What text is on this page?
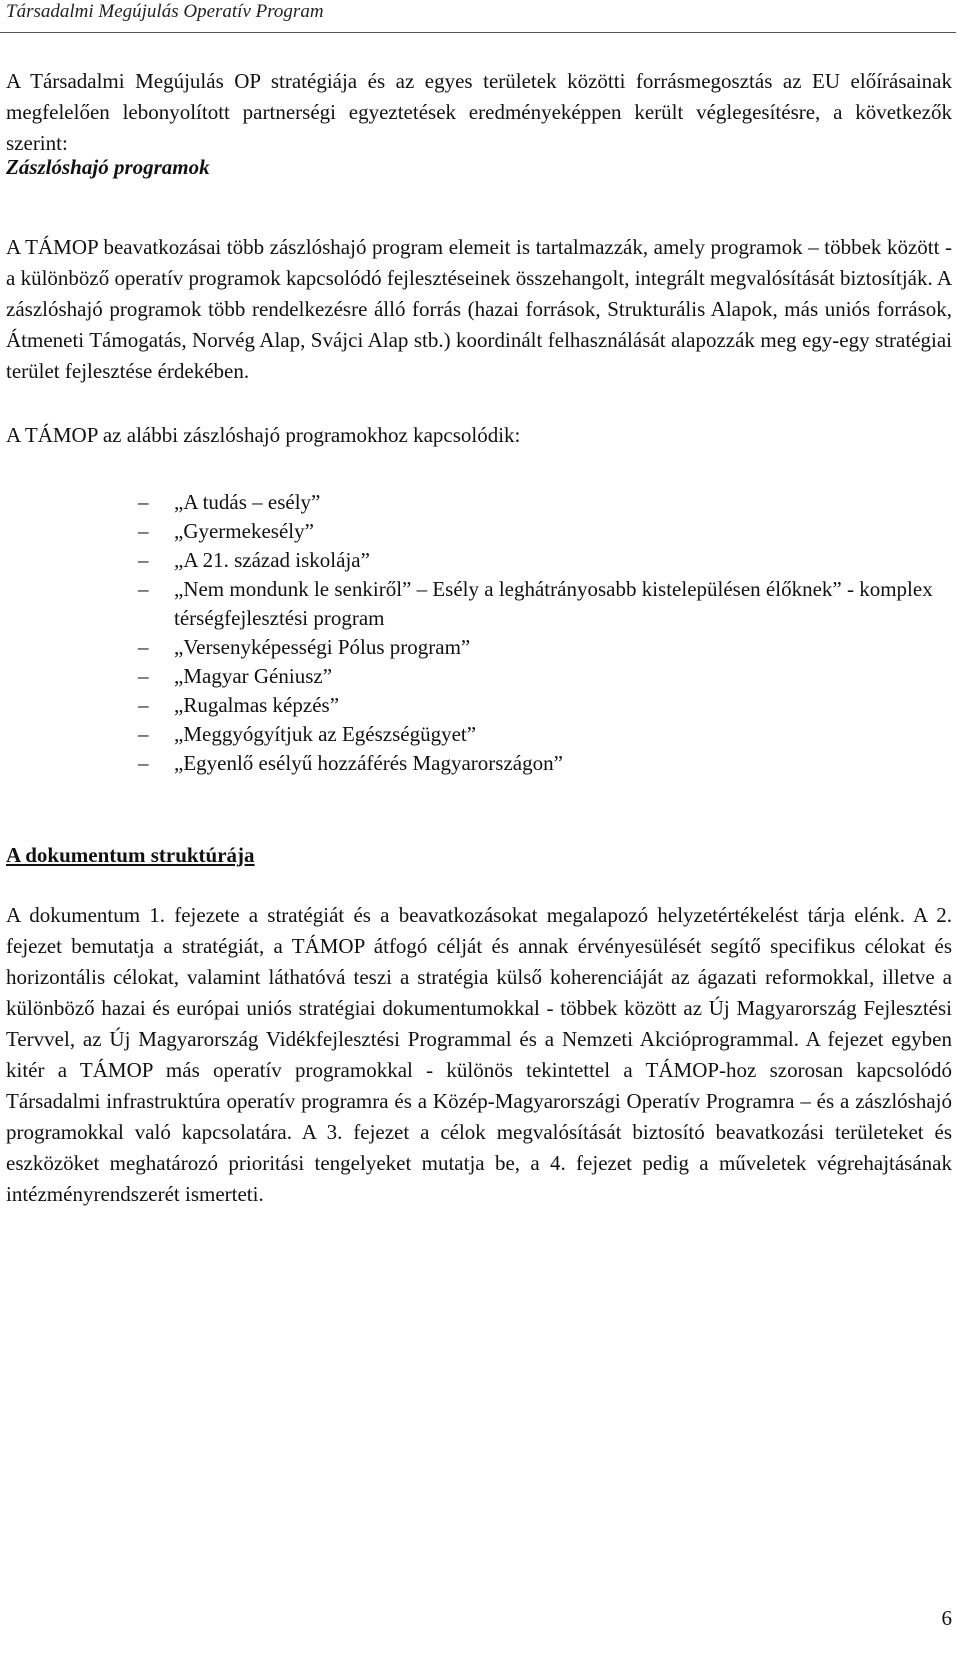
Társadalmi Megújulás Operatív Program

A Társadalmi Megújulás OP stratégiája és az egyes területek közötti forrásmegosztás az EU előírásainak megfelelően lebonyolított partnerségi egyeztetések eredményeképpen került véglegesítésre, a következők szerint:

Zászlóshajó programok

A TÁMOP beavatkozásai több zászlóshajó program elemeit is tartalmazzák, amely programok – többek között - a különböző operatív programok kapcsolódó fejlesztéseinek összehangolt, integrált megvalósítását biztosítják. A zászlóshajó programok több rendelkezésre álló forrás (hazai források, Strukturális Alapok, más uniós források, Átmeneti Támogatás, Norvég Alap, Svájci Alap stb.) koordinált felhasználását alapozzák meg egy-egy stratégiai terület fejlesztése érdekében.

A TÁMOP az alábbi zászlóshajó programokhoz kapcsolódik:

– „A tudás – esély”
– „Gyermekesély”
– „A 21. század iskolája”
– „Nem mondunk le senkiről” – Esély a leghátrányosabb kistelepülésen élőknek” - komplex térségfejlesztési program
– „Versenyképességi Pólus program”
– „Magyar Géniusz”
– „Rugalmas képzés”
– „Meggyógyítjuk az Egészségügyet”
– „Egyenlő esélyű hozzáférés Magyarországon”

A dokumentum struktúrája

A dokumentum 1. fejezete a stratégiát és a beavatkozásokat megalapozó helyzetértékelést tárja elénk. A 2. fejezet bemutatja a stratégiát, a TÁMOP átfogó célját és annak érvényesülését segítő specifikus célokat és horizontális célokat, valamint láthatóvá teszi a stratégia külső koherenciáját az ágazati reformokkal, illetve a különböző hazai és európai uniós stratégiai dokumentumokkal - többek között az Új Magyarország Fejlesztési Tervvel, az Új Magyarország Vidékfejlesztési Programmal és a Nemzeti Akcióprogrammal. A fejezet egyben kitér a TÁMOP más operatív programokkal - különös tekintettel a TÁMOP-hoz szorosan kapcsolódó Társadalmi infrastruktúra operatív programra és a Közép-Magyarországi Operatív Programra – és a zászlóshajó programokkal való kapcsolatára. A 3. fejezet a célok megvalósítását biztosító beavatkozási területeket és eszközöket meghatározó prioritási tengelyeket mutatja be, a 4. fejezet pedig a műveletek végrehajtásának intézményrendszerét ismerteti.

6
